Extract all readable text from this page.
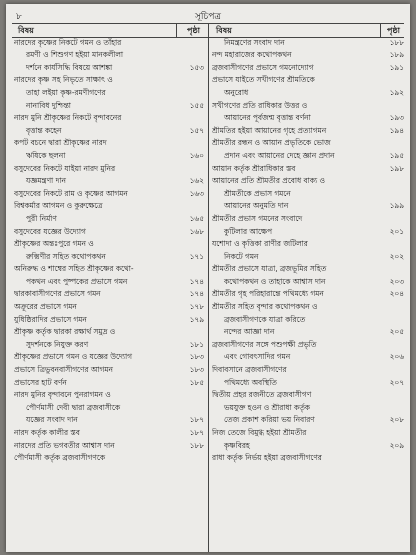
৮	সূচিপত্র
বিষয়	পৃষ্ঠা
নারদের কৃষ্ণের নিকটে গমন ও তাঁহার
রমণী ও শিশুগণ হইয়া মানকলীলা
দর্শনে কার্যসিদ্ধি বিষয়ে আশঙ্কা	১৫৩
নারদের কৃষ্ণ সহ নিভৃতে সাক্ষাৎ ও
তাহা লইয়া কৃষ্ণ-রমণীগণের
নানাবিধ দুশ্চিন্তা	১৫৫
নারদ মুনি শ্রীকৃষ্ণের নিকটে বৃন্দাবনের
বৃত্তান্ত কহেন	১৫৭
কপট বচনে দ্বারা শ্রীকৃষ্ণের নারদ
ঋষিকে ছলনা	১৬০
বসুদেবের নিকটে যাইয়া নারদ মুনির
যজ্ঞমন্ত্রণা দান	১৬২
বসুদেবের নিকটে রাম ও কৃষ্ণের আগমন	১৬৩
বিশ্বকর্মার আগমন ও কুরুক্ষেত্রে
পুরী নির্মাণ	১৬৫
বসুদেবের যজ্ঞের উদ্যোগ	১৬৮
শ্রীকৃষ্ণের অন্তঃপুরে গমন ও
রুক্মিণীর সহিত কথোপকথন	১৭১
অনিরুদ্ধ ও শাম্বের সহিত শ্রীকৃষ্ণের কথো-
পকথন এবং পুষ্পকের প্রভাসে গমন	১৭৪
দ্বারকাবাসীগণের প্রভাসে গমন	১৭৪
অক্রূরের প্রভাসে গমন	১৭৮
যুধিষ্ঠিরাদির প্রভাসে গমন	১৭৯
শ্রীকৃষ্ণ কর্তৃক দ্বারকা রক্ষার্থ সমুদ্র ও
সুদর্শনকে নিযুক্ত করণ	১৮১
শ্রীকৃষ্ণের প্রভাসে গমন ও যজ্ঞের উদ্যোগ	১৮৩
প্রভাসে ত্রিভুবনবাসীগণের আগমন	১৮৩
প্রভাসের হাট বর্ণন	১৮৫
নারদ মুনির বৃন্দাবনে পুনরাগমন ও
পৌর্ণমাসী দেবী দ্বারা ব্রজবাসীকে
যজ্ঞের সংবাদ দান	১৮৭
নারদ কর্তৃক কালীর স্তব	১৮৭
নারদের প্রতি ভগবতীর আশ্বাস দান	১৮৮
পৌর্ণমাসী কর্তৃক ব্রজবাসীগণকে
বিষয়	পৃষ্ঠা
নিমন্ত্রণের সংবাদ দান	১৮৮
নন্দ মহারাজের কথোপকথন	১৮৯
ব্রজবাসীগণের প্রভাসে গমনোদ্যোগ	১৯১
প্রভাসে যাইতে সখীগণের শ্রীমতিকে
অনুরোধ	১৯২
সখীগণের প্রতি রাধিকার উত্তর ও
আয়ানের পূর্বজন্ম বৃত্তান্ত বর্ণনা	১৯৩
শ্রীমতির হইয়া আয়ানের গৃহে প্রত্যাগমন	১৯৪
শ্রীমতীর রন্ধন ও আয়ান প্রভৃতিকে ভোজ
প্রদান এবং আয়ানের দেহে জ্ঞান প্রদান	১৯৫
আয়ান কর্তৃক শ্রীরাধিকার স্তব	১৯৮
আয়ানের প্রতি শ্রীমতীর প্রবোধ বাক্য ও
শ্রীমতীকে প্রভাস গমনে
আয়ানের অনুমতি দান	১৯৯
শ্রীমতীর প্রভাস গমনের সংবাদে
কুটিলার আক্ষেপ	২০১
যশোদা ও কৃত্তিকা রাণীর জটিলার
নিকটে গমন	২০২
শ্রীমতীর প্রভাসে যাত্রা, ব্রজভূমির সহিত
কথোপকথন ও তাহাকে আশ্বাস দান	২০৩
শ্রীমতীর গৃহ পরিহারান্তে পথিমধ্যে গমন	২০৪
শ্রীমতীর সহিত বৃন্দার কথোপকথন ও
ব্রজবাসীগণকে যাত্রা করিতে
নন্দের আজ্ঞা দান	২০৫
ব্রজবাসীগণের সঙ্গে পশুপক্ষী প্রভৃতি
এবং গোবৎসাদির গমন	২০৬
দিবাবসানে ব্রজবাসীগণের
পথিমধ্যে অবস্থিতি	২০৭
দ্বিতীয় প্রহর রজনীতে ব্রজবাসীগণ
ভয়যুক্ত হওন ও শ্রীরাধা কর্তৃক
তেজ প্রকাশ করিয়া ভয় নিবারণ	২০৮
নিজ তেজে বিমুগ্ধ হইয়া শ্রীমতীর
কৃষ্ণবিরহ	২০৯
রাধা কর্তৃক নির্ভয় হইয়া ব্রজবাসীগণের
